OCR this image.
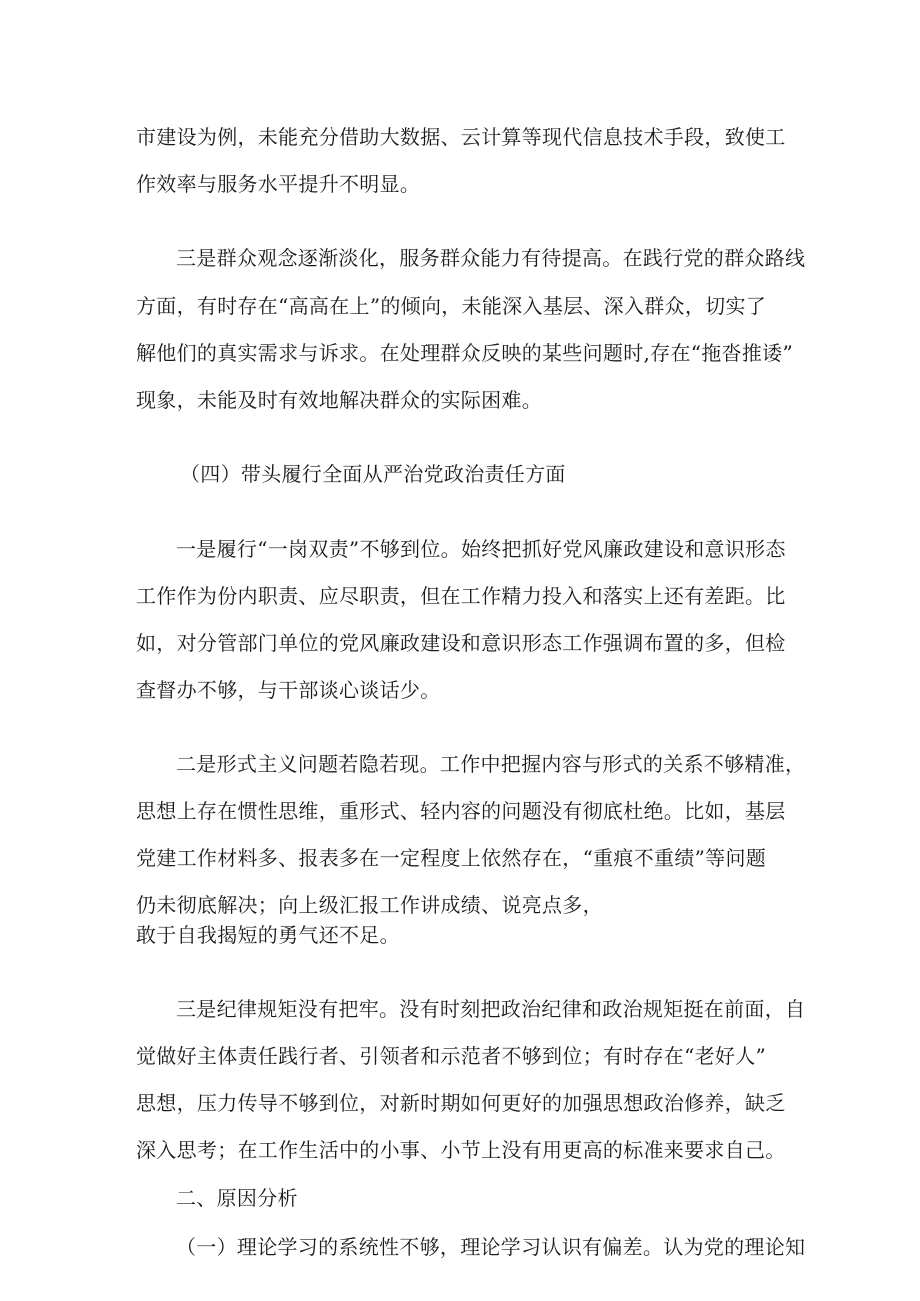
市建设为例，未能充分借助大数据、云计算等现代信息技术手段，致使工
作效率与服务水平提升不明显。
三是群众观念逐渐淡化，服务群众能力有待提高。在践行党的群众路线
方面，有时存在“高高在上”的倾向，未能深入基层、深入群众，切实了
解他们的真实需求与诉求。在处理群众反映的某些问题时,存在“拖沓推诿”
现象，未能及时有效地解决群众的实际困难。
（四）带头履行全面从严治党政治责任方面
一是履行“一岗双责”不够到位。始终把抓好党风廉政建设和意识形态
工作作为份内职责、应尽职责，但在工作精力投入和落实上还有差距。比
如，对分管部门单位的党风廉政建设和意识形态工作强调布置的多，但检
查督办不够，与干部谈心谈话少。
二是形式主义问题若隐若现。工作中把握内容与形式的关系不够精准，
思想上存在惯性思维，重形式、轻内容的问题没有彻底杜绝。比如，基层
党建工作材料多、报表多在一定程度上依然存在，“重痕不重绩”等问题
仍未彻底解决；向上级汇报工作讲成绩、说亮点多，
敢于自我揭短的勇气还不足。
三是纪律规矩没有把牢。没有时刻把政治纪律和政治规矩挺在前面，自
觉做好主体责任践行者、引领者和示范者不够到位；有时存在“老好人”
思想，压力传导不够到位，对新时期如何更好的加强思想政治修养，缺乏
深入思考；在工作生活中的小事、小节上没有用更高的标准来要求自己。
二、原因分析
（一）理论学习的系统性不够，理论学习认识有偏差。认为党的理论知
